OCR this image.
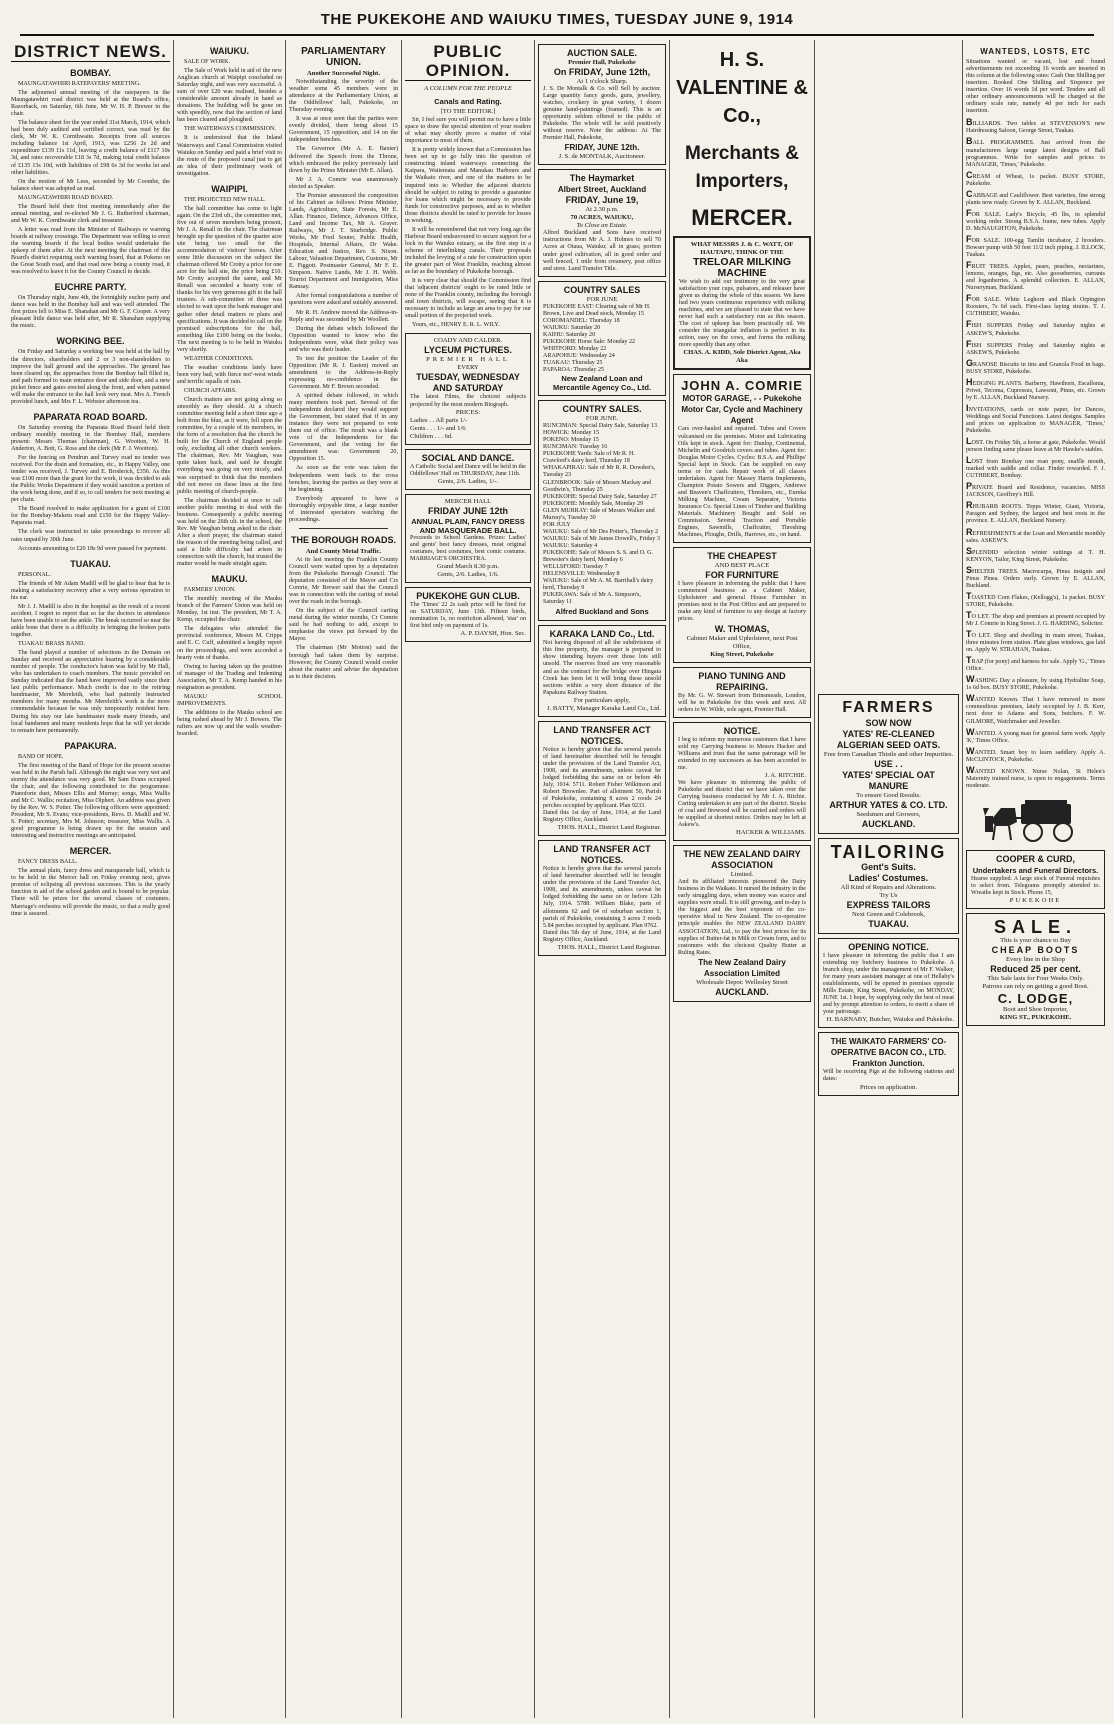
THE PUKEKOHE AND WAIUKU TIMES, TUESDAY JUNE 9, 1914
DISTRICT NEWS.
BOMBAY.

MAUNGATAWHIRI RATEPAYERS' MEETING.

The adjourned annual meeting of the ratepayers in the Maungatawhiri road district was held at the Board's office, Razorback, on Saturday, 6th June, Mr W. H. P. Brewer in the chair.

The balance sheet for the year ended 31st March, 1914, which had been duly audited and certified correct, was read by the clerk, Mr W. K. Cornthwaite. Receipts from all sources including balance 1st April, 1913, was £256 2s 2d and expenditure £139 11s 11d, leaving a credit balance of £117 10s 3d, and rates recoverable £18 3s 7d, making total credit balance of £135 13s 10d, with liabilities of £98 6s 3d for works let and other liabilities.

On the motion of Mr Lees, seconded by Mr Coombe, the balance sheet was adopted as read.

MAUNGATAWHIRI ROAD BOARD.

The Board held their first meeting immediately after the annual meeting, and re-elected Mr J. G. Rutherford chairman, and Mr W. K. Cornthwaite clerk and treasurer.

A letter was read from the Minister of Railways re warning boards at railway crossings. The Department was willing to erect the warning boards if the local bodies would undertake the upkeep of them after. At the next meeting the chairman of this Board's district requiring such warning board, that at Pokeno on the Great South road, and that road now being a county road, it was resolved to leave it for the County Council to decide.

EUCHRE PARTY.

On Thursday night, June 4th, the fortnightly euchre party and dance was held in the Bombay hall and was well attended. The first prizes fell to Miss E. Shanahan and Mr G. F. Cooper. A very pleasant little dance was held after, Mr R. Shanahan supplying the music.

WORKING BEE.

On Friday and Saturday a working bee was held at the hall by the directors, shareholders and 2 or 3 non-shareholders to improve the hall ground and the approaches. The ground has been cleared up, the approaches from the Bombay hall filled in, and path formed to main entrance door and side door, and a new picket fence and gates erected along the front, and when painted will make the entrance to the hall look very neat. Mrs A. French provided lunch, and Mrs F. L. Webster afternoon tea.

PAPARATA ROAD BOARD.

On Saturday evening the Paparata Road Board held their ordinary monthly meeting in the Bombay Hall, members present: Messrs Thomas (chairman), G. Wootton, W. H. Anderton, A. Bott, G. Ross and the clerk (Mr F. J. Wootton).

For the fencing on Pendrun and Turvey road no tender was received. For the drain and formation, etc., in Happy Valley, one tender was received, J. Turvey and E. Broderick, £356. As this was £100 more than the grant for the work, it was decided to ask the Public Works Department if they would sanction a portion of the work being done, and if so, to call tenders for next meeting at per chain.

The Board resolved to make application for a grant of £100 for the Bombay-Maketu road and £150 for the Happy Valley-Paparata road.

The clerk was instructed to take proceedings to recover all rates unpaid by 30th June.

Accounts amounting to £20 18s 9d were passed for payment.

TUAKAU.

PERSONAL.

The friends of Mr Adam Madill will be glad to hear that he is making a satisfactory recovery after a very serious operation to his ear.

Mr J. J. Madill is also in the hospital as the result of a recent accident. I regret to report that so far the doctors in attendance have been unable to set the ankle. The break occurred so near the ankle bone that there is a difficulty in bringing the broken parts together.

TUAKAU BRASS BAND.

The band played a number of selections in the Domain on Sunday and received an appreciative hearing by a considerable number of people. The conductor's baton was held by Mr Hall, who has undertaken to coach members. The music provided on Sunday indicated that the band have improved vastly since their last public performance. Much credit is due to the retiring bandmaster, Mr Mereleith, who had patiently instructed members for many months. Mr Mereleith's work is the more commendable because he was only temporarily resident here. During his stay our late bandmaster made many friends, and local bandsmen and many residents hope that he will yet decide to remain here permanently.

PAPAKURA.

BAND OF HOPE.

The first meeting of the Band of Hope for the present session was held in the Parish hall. Although the night was very wet and stormy the attendance was very good. Mr Sam Evans occupied the chair, and the following contributed to the programme: Pianoforte duet, Misses Ellis and Murray; songs, Miss Wallis and Mr C. Wallis; recitation, Miss Olphert. An address was given by the Rev. W. S. Potter. The following officers were appointed: President, Mr S. Evans; vice-presidents, Revs. D. Madill and W. S. Potter; secretary, Mrs M. Johnson; treasurer, Miss Wallis. A good programme is being drawn up for the session and interesting and instructive meetings are anticipated.

MERCER.

FANCY DRESS BALL.

The annual plain, fancy dress and masquerade ball, which is to be held in the Mercer hall on Friday evening next, gives promise of eclipsing all previous successes. This is the yearly function in aid of the school garden and is bound to be popular. There will be prizes for the several classes of costumes. Marriage's orchestra will provide the music, so that a really good time is assured.

WAIUKU.

SALE OF WORK.

The Sale of Work held in aid of the new Anglican church at Waipipi concluded on Saturday night, and was very successful. A sum of over £20 was realised, besides a considerable amount already in hand as donations. The building will be gone on with speedily, now that the section of land has been cleared and ploughed.

THE WATERWAYS COMMISSION.

It is understood that the Inland Waterways and Canal Commission visited Waiuku on Sunday and paid a brief visit to the route of the proposed canal just to get an idea of their preliminary work of investigation.

WAIPIPI.

THE PROJECTED NEW HALL.

The hall committee has come to light again. On the 23rd ult., the committee met, five out of seven members being present, Mr J. A. Renall in the chair. The chairman brought up the question of the quarter acre site being too small for the accommodation of visitors' horses. After some little discussion on the subject the chairman offered Mr Crotty a price for one acre for the hall site, the price being £10. Mr Crotty accepted the same, and Mr Renall was seconded a hearty vote of thanks for his very generous gift to the hall trustees. A sub-committee of three was elected to wait upon the bank manager and gather other detail matters re plans and specifications. It was decided to call on the promised subscriptions for the hall, something like £100 being on the books. The next meeting is to be held in Waiuku very shortly.

WEATHER CONDITIONS.

The weather conditions lately have been very bad, with fierce nor'-west winds and terrific squalls of rain.

CHURCH AFFAIRS.

Church matters are not going along so smoothly as they should. At a church committee meeting held a short time ago a bolt from the blue, as it were, fell upon the committee, by a couple of its members, in the form of a resolution that the church be built for the Church of England people only, excluding all other church workers. The chairman, Rev. Mr Vaughan, was quite taken back, and said he thought everything was going on very nicely, and was surprised to think that the members did not move on these lines at the first public meeting of church-people.

The chairman decided at once to call another public meeting to deal with the business. Consequently a public meeting was held on the 26th ult. in the school, the Rev. Mr Vaughan being asked to the chair. After a short prayer, the chairman stated the reason of the meeting being called, and said a little difficulty had arisen in connection with the church, but trusted the matter would be made straight again.

MAUKU.

FARMERS' UNION.

The monthly meeting of the Mauku branch of the Farmers' Union was held on Monday, 1st inst. The president, Mr T. A. Kemp, occupied the chair.

The delegates who attended the provincial conference, Messrs M. Cripps and E. C. Cuff, submitted a lengthy report on the proceedings, and were accorded a hearty vote of thanks.

Owing to having taken up the position of manager of the Trading and Indenting Association, Mr T. A. Kemp handed in his resignation as president.

MAUKU SCHOOL IMPROVEMENTS.

The additions to the Mauku school are being rushed ahead by Mr J. Bowers. The rafters are now up and the walls weather-boarded.

PARLIAMENTARY UNION.
Another Successful Night.

Notwithstanding the severity of the weather some 45 members were in attendance at the Parliamentary Union, at the Oddfellows' hall, Pukekohe, on Thursday evening.

It was at once seen that the parties were evenly divided, there being about 15 Government, 15 opposition, and 14 on the independent benches.

The Governor (Mr A. E. Baxter) delivered the Speech from the Throne, which embraced the policy previously laid down by the Prime Minister (Mr E. Allan).

Mr J. A. Comrie was unanimously elected as Speaker.

The Premier announced the composition of his Cabinet as follows: Prime Minister, Lands, Agriculture, State Forests, Mr E. Allan. Finance, Defence, Advances Office, Land and Income Tax, Mr A. Grayer. Railways, Mr J. T. Sturbridge. Public Works, Mr Fred Souter, Public Health, Hospitals, Internal Affairs, Dr Wake. Education and Justice, Rev. S. Nixon. Labour, Valuation Department, Customs, Mr E. Figgott. Postmaster General, Mr F. E. Simpson. Native Lands, Mr J. H. Webb. Tourist Department and Immigration, Miss Ramsay.

After formal congratulations a number of questions were asked and suitably answered.

Mr R. H. Andrew moved the Address-in-Reply and was seconded by Mr Woollett.

During the debate which followed the Opposition wanted to know who the Independents were, what their policy was and who was their leader.

To test the position the Leader of the Opposition (Mr R. J. Easton) moved an amendment to the Address-in-Reply expressing no-confidence in the Government. Mr F. Brown seconded.

A spirited debate followed, in which many members took part. Several of the independents declared they would support the Government, but stated that if in any instance they were not prepared to vote them out of office. The result was a blank vote of the Independents for the Government, and the voting for the amendment was: Government 20, Opposition 15.

As soon as the vote was taken the Independents went back to the cross benches, leaving the parties as they were at the beginning.

Everybody appeared to have a thoroughly enjoyable time, a large number of interested spectators watching the proceedings.

THE BOROUGH ROADS.
And County Metal Traffic.

At its last meeting the Franklin County Council were waited upon by a deputation from the Pukekohe Borough Council. The deputation consisted of the Mayor and Crs Comrie, Mr Brewer said that the Council was in connection with the carting of metal over the roads in the borough.

On the subject of the Council carting metal during the winter months, Cr Comrie said he had nothing to add, except to emphasise the views put forward by the Mayor.

The chairman (Mr Motion) said the borough had taken them by surprise. However, the County Council would confer about the matter and advise the deputation as to their decision.

PUBLIC OPINION.
A COLUMN FOR THE PEOPLE
Canals and Rating.
[TO THE EDITOR.]

Sir, I feel sure you will permit me to have a little space to draw the special attention of your readers of what may shortly prove a matter of vital importance to most of them.

It is pretty widely known that a Commission has been set up to go fully into the question of constructing inland waterways connecting the Kaipara, Waitemata and Manukau Harbours and the Waikato river, and one of the matters to be inquired into is: Whether the adjacent districts should be subject to rating to provide a guarantee for loans which might be necessary to provide funds for constructive purposes, and as to whether those districts should be rated to provide for losses in working.

It will be remembered that not very long ago the Harbour Board endeavoured to secure support for a lock in the Waiuku estuary, as the first step in a scheme of interlinking canals. Their proposals included the levying of a rate for construction upon the greater part of West Franklin, reaching almost as far as the boundary of Pukekohe borough.

It is very clear that should the Commission find that 'adjacent districts' ought to be rated little or none of the Franklin county, including the borough and town districts, will escape, seeing that it is necessary to include as large an area to pay for our small portion of the projected work.

Yours, etc., HENRY E. R. L. WILY.

COADY AND CALDER.
LYCEUM PICTURES.
PREMIER HALL
EVERY
TUESDAY, WEDNESDAY AND SATURDAY
The latest Films, the choicest subjects projected by the most modern Biograph.
PRICES:
Ladies . . All parts 1/-
Gents . . . 1/- and 1/6
Children . . . 6d.
SOCIAL AND DANCE.
A Catholic Social and Dance will be held in the Oddfellows' Hall on THURSDAY, June 11th.
Gents, 2/6. Ladies, 1/-.
MERCER HALL
FRIDAY JUNE 12th
ANNUAL PLAIN, FANCY DRESS AND MASQUERADE BALL.
Proceeds to School Gardens. Prizes: Ladies' and gents' best fancy dresses, most original costumes, best costumes, best comic costume. MARRIAGE'S ORCHESTRA.
Grand March 8.30 p.m.
Gents, 2/6. Ladies, 1/6.
PUKEKOHE GUN CLUB.
The 'Times' 22 2s cash prize will be fired for on SATURDAY, June 13th. Fifteen birds, nomination 1s, no restriction allowed, 'star' on first bird only on payment of 1s.
A. P. DAYSH, Hon. Sec.
AUCTION SALE.
Premier Hall, Pukekohe
On FRIDAY, June 12th,
At 1 o'clock Sharp.
J. S. De Montalk & Co. will Sell by auction: Large quantity fancy goods, guns, jewellery, watches, crockery in great variety, 1 dozen genuine hand-paintings (framed). This is an opportunity seldom offered to the public of Pukekohe. The whole will be sold positively without reserve. Note the address: At The Premier Hall, Pukekohe,
FRIDAY, JUNE 12th.
J. S. de MONTALK, Auctioneer.
The Haymarket
Albert Street, Auckland
FRIDAY, June 19,
At 2.30 p.m.
70 ACRES, WAIUKU,
To Close an Estate.
Alfred Buckland and Sons have received instructions from Mr A. J. Holmes to sell 70 Acres at Otaua, Waiuku; all in grass; portion under good cultivation, all in good order and well fenced, 1 mile from creamery, post office and store. Land Transfer Title.
COUNTRY SALES
FOR JUNE
PUKEKOHE EAST: Clearing sale of Mr H. Brown, Live and Dead stock, Monday 15
COROMANDEL: Thursday 18
WAIUKU: Saturday 20
KAIHU: Saturday 20
PUKEKOHE Horse Sale: Monday 22
WHITFORD: Monday 22
ARAPOHUE: Wednesday 24
TUAKAU: Thursday 25
PAPAROA: Thursday 25
New Zealand Loan and Mercantile Agency Co., Ltd.
COUNTRY SALES.
FOR JUNE.
RUNCIMAN: Special Dairy Sale, Saturday 13
HOWICK: Monday 15
POKENO: Monday 15
RUNCIMAN: Tuesday 16
PUKEKOHE Yards: Sale of Mr R. H. Crawford's dairy herd, Thursday 18
WHAKAPIRAU: Sale of Mr R. R. Dowden's, Tuesday 23
GLENBROOK: Sale of Messrs Mackay and Goodwin's, Thursday 25
PUKEKOHE: Special Dairy Sale, Saturday 27
PUKEKOHE: Monthly Sale, Monday 29
GLEN MURRAY: Sale of Messrs Walker and Murray's, Tuesday 30
FOR JULY
WAIUKU: Sale of Mr Des Potter's, Thursday 2
WAIUKU: Sale of Mr James Dowell's, Friday 3
WAIUKU: Saturday 4
PUKEKOHE: Sale of Messrs S. S. and O. G. Brewster's dairy herd, Monday 6
WELLSFORD: Tuesday 7
HELENSVILLE: Wednesday 8
WAIUKU: Sale of Mr A. M. Barriball's dairy herd, Thursday 9
PUKEKAWA: Sale of Mr A. Simpson's, Saturday 11
Alfred Buckland and Sons
KARAKA LAND Co., Ltd.
Not having disposed of all the subdivisions of this fine property, the manager is prepared to show intending buyers over those lots still unsold. The reserves fixed are very reasonable and as the contract for the bridge over Hingaia Creek has been let it will bring these unsold sections within a very short distance of the Papakura Railway Station.
For particulars apply,
J. BATTY, Manager Karaka Land Co., Ltd.
LAND TRANSFER ACT NOTICES.
Notice is hereby given that the several parcels of land hereinafter described will be brought under the provisions of the Land Transfer Act, 1908, and its amendments, unless caveat be lodged forbidding the same on or before 4th July, 1914. 5711. Robert Fisher Wilkinson and Robert Brownlee. Part of allotment 50, Parish of Pukekohe, containing 8 acres 2 roods 24 perches occupied by applicant. Plan 9233.
Dated this 1st day of June, 1914, at the Land Registry Office, Auckland.
THOS. HALL, District Land Registrar.
LAND TRANSFER ACT NOTICES.
Notice is hereby given that the several parcels of land hereinafter described will be brought under the provisions of the Land Transfer Act, 1908, and its amendments, unless caveat be lodged forbidding the same on or before 12th July, 1914. 5788. William Blake, parts of allotments 62 and 64 of suburban section 1, parish of Pukekohe, containing 3 acres 3 roods 5.84 perches occupied by applicant. Plan 9762.
Dated this 5th day of June, 1914, at the Land Registry Office, Auckland.
THOS. HALL, District Land Registrar.
H. S. VALENTINE & Co.,
Merchants & Importers,
MERCER.
WHAT MESSRS J. & C. WATT, OF HAUTAPU, THINK OF THE
TRELOAR MILKING MACHINE
We wish to add our testimony to the very great satisfaction your cups, pulsators, and releaser have given us during the whole of this season. We have had two years continuous experience with milking machines, and we are pleased to state that we have never had such a satisfactory run as this season. The cost of upkeep has been practically nil. We consider the triangular inflation is perfect in its action, easy on the cows, and forms the milking more speedily than any other.
CHAS. A. KIDD, Sole District Agent, Aka Aka
JOHN A. COMRIE
MOTOR GARAGE, - - Pukekohe
Motor Car, Cycle and Machinery Agent
Cars over-hauled and repaired. Tubes and Covers vulcanised on the premises. Motor and Lubricating Oils kept in stock. Agent for: Dunlop, Continental, Michelin and Goodrich covers and tubes. Agent for: Douglas Motor Cycles. Cycles: B.S.A. and Phillips' Special kept in Stock. Can be supplied on easy terms or for cash. Repair work of all classes undertaken. Agent for: Massey Harris Implements, Champion Potato Sowers and Diggers, Andrews and Beaven's Chaffcutters, Threshers, etc., Eureka Milking Machine, Cream Separator, Victoria Insurance Co. Special Lines of Timber and Building Materials. Machinery Bought and Sold on Commission. Several Traction and Portable Engines, Sawmills, Chaffcutter, Threshing Machines, Ploughs, Drills, Harrows, etc., on hand.
THE CHEAPEST
AND BEST PLACE
FOR FURNITURE
I have pleasure in informing the public that I have commenced business as a Cabinet Maker, Upholsterer and general House Furnisher in premises next to the Post Office and am prepared to make any kind of furniture to any design at factory prices.
W. THOMAS,
Cabinet Maker and Upholsterer, next Post Office,
King Street, Pukekohe
PIANO TUNING AND REPAIRING.
By Mr. G. W. Stewart from Brinsmeads, London, will be in Pukekohe for this week and next. All orders to W. Wilde, sole agent, Premier Hall.
NOTICE.
I beg to inform my numerous customers that I have sold my Carrying business to Messrs Hacker and Williams and trust that the same patronage will be extended to my successors as has been accorded to me.
J. A. RITCHIE.
We have pleasure in informing the public of Pukekohe and district that we have taken over the Carrying business conducted by Mr J. A. Ritchie. Carting undertaken to any part of the district. Stocks of coal and firewood will be carried and orders will be supplied at shortest notice. Orders may be left at Askew's.
HACKER & WILLIAMS.
THE NEW ZEALAND DAIRY ASSOCIATION
Limited.
And its affiliated interests pioneered the Dairy business in the Waikato. It nursed the industry in the early struggling days, when money was scarce and supplies were small. It is still growing, and to-day is the biggest and the best exponent of the co-operative ideal in New Zealand. The co-operative principle enables the NEW ZEALAND DAIRY ASSOCIATION, Ltd., to pay the best prices for its supplies of Butter-fat in Milk or Cream form, and to customers with the choicest Quality Butter at Ruling Rates.
The New Zealand Dairy Association Limited
Wholesale Depot: Wellesley Street
AUCKLAND.
FARMERS
SOW NOW
YATES' RE-CLEANED
ALGERIAN SEED OATS.
Free from Canadian Thistle and other Impurities.
USE . .
YATES' SPECIAL OAT MANURE
To ensure Good Results.
ARTHUR YATES & CO. LTD.
Seedsmen and Growers,
AUCKLAND.
TAILORING
Gent's Suits.
Ladies' Costumes.
All Kind of Repairs and Alterations.
Try Us
EXPRESS TAILORS
Next Green and Colebrook,
TUAKAU.
OPENING NOTICE.
I have pleasure in informing the public that I am extending my butchery business to Pukekohe. A branch shop, under the management of Mr F. Walker, for many years assistant manager at one of Hellaby's establishments, will be opened in premises opposite Mills Estate, King Street, Pukekohe, on MONDAY, JUNE 1st. I hope, by supplying only the best of meat and by prompt attention to orders, to merit a share of your patronage.
H. BARNABY, Butcher, Waiuku and Pukekohe.
THE WAIKATO FARMERS' CO-OPERATIVE BACON CO., LTD.
Frankton Junction.
Will be receiving Pigs at the following stations and dates:
Prices on application.
WANTEDS, LOSTS, ETC
Situations wanted or vacant, lost and found advertisements not exceeding 16 words are inserted in this column at the following rates: Cash One Shilling per insertion. Booked One Shilling and Sixpence per insertion. Over 16 words 1d per word. Tenders and all other ordinary announcements will be charged at the ordinary scale rate, namely 4d per inch for each insertion.

BILLIARDS. Two tables at STEVENSON'S new Hairdressing Saloon, George Street, Tuakau.

BALL PROGRAMMES. Just arrived from the manufacturers large range latest designs of Ball programmes. Write for samples and prices to MANAGER, 'Times,' Pukekohe.

CREAM of Wheat, 1s packet. BUSY STORE, Pukekohe.

CABBAGE and Cauliflower. Best varieties, fine strong plants now ready. Grown by E. ALLAN, Buckland.

FOR SALE. Lady's Bicycle, 45 lbs, in splendid working order. Strong B.S.A. frame, new tubes. Apply D. McNAUGHTON, Pukekohe.

FOR SALE. 100-egg Tamlin incubator, 2 brooders. Bowser pump with 50 feet 11/2 inch piping. J. ILLOCK, Tuakau.

FRUIT TREES. Apples, pears, peaches, nectarines, lemons, oranges, figs, etc. Also gooseberries, currants and loganberries. A splendid collection. E. ALLAN, Nurseryman, Buckland.

FOR SALE. White Leghorn and Black Orpington Roosters, 7s 6d each. First-class laying strains. T. J. CUTHBERT, Waiuku.

FISH SUPPERS Friday and Saturday nights at ASKEW'S, Pukekohe.

FISH SUPPERS Friday and Saturday nights at ASKEW'S, Pukekohe.

GRANOSE Biscuits in tins and Granola Food in bags. BUSY STORE, Pukekohe.

HEDGING PLANTS. Barberry, Hawthorn, Escallonia, Privet, Tecoma, Cupressus, Lawsoni, Pinus, etc. Grown by E. ALLAN, Buckland Nursery.

INVITATIONS, cards or note paper, for Dances, Weddings and Social Functions. Latest designs. Samples and prices on application to MANAGER, 'Times,' Pukekohe.

LOST. On Friday 5th, a horse at gate, Pukekohe. Would person finding same please leave at Mr Hawke's stables.

LOST from Bombay one roan pony, snaffle mouth, marked with saddle and collar. Finder rewarded. F. J. CUTHBERT, Bombay.

PRIVATE Board and Residence, vacancies. MISS JACKSON, Geoffrey's Hill.

RHUBARB ROOTS. Topps Winter, Giant, Victoria, Paragon and Sydney, the largest and best roots in the province. E. ALLAN, Buckland Nursery.

REFRESHMENTS at the Loan and Mercantile monthly sales. ASKEW'S.

SPLENDID selection winter suitings at T. H. KENYON, Tailor, King Street, Pukekohe.

SHELTER TREES. Macrocarpa, Pinus insignis and Pinus Pinea. Orders early. Grown by E. ALLAN, Buckland.

TOASTED Corn Flakes, (Kellogg's), 1s packet. BUSY STORE, Pukekohe.

TO LET. The shop and premises at present occupied by Mr J. Comrie in King Street. J. G. HARDING, Solicitor.

TO LET. Shop and dwelling in main street, Tuakau, three minutes from station. Plate glass windows, gas laid on. Apply W. STRAHAN, Tuakau.

TRAP (for pony) and harness for sale. Apply 'G.,' Times Office.

WASHING Day a pleasure, by using Hydraline Soap, 1s 6d box. BUSY STORE, Pukekohe.

WANTED Known. That I have removed to more commodious premises, lately occupied by J. B. Kerr, next door to Adams and Sons, butchers. F. W. GILMORE, Watchmaker and Jeweller.

WANTED. A young man for general farm work. Apply 'K,' Times Office.

WANTED. Smart boy to learn saddlery. Apply A. McCLINTOCK, Pukekohe.

WANTED KNOWN. Nurse Nolan, St Helen's Maternity trained nurse, is open to engagements. Terms moderate.

COOPER & CURD,
Undertakers and Funeral Directors.
Hearse supplied. A large stock of Funeral requisites to select from. Telegrams promptly attended to. Wreaths kept in Stock. Phone 15,
PUKEKOHE
SALE.
This is your chance to Buy
CHEAP BOOTS
Every line in the Shop
Reduced 25 per cent.
This Sale lasts for Four Weeks Only.
Patrons can rely on getting a good Boot.
C. LODGE,
Boot and Shoe Importer,
KING ST., PUKEKOHE.
